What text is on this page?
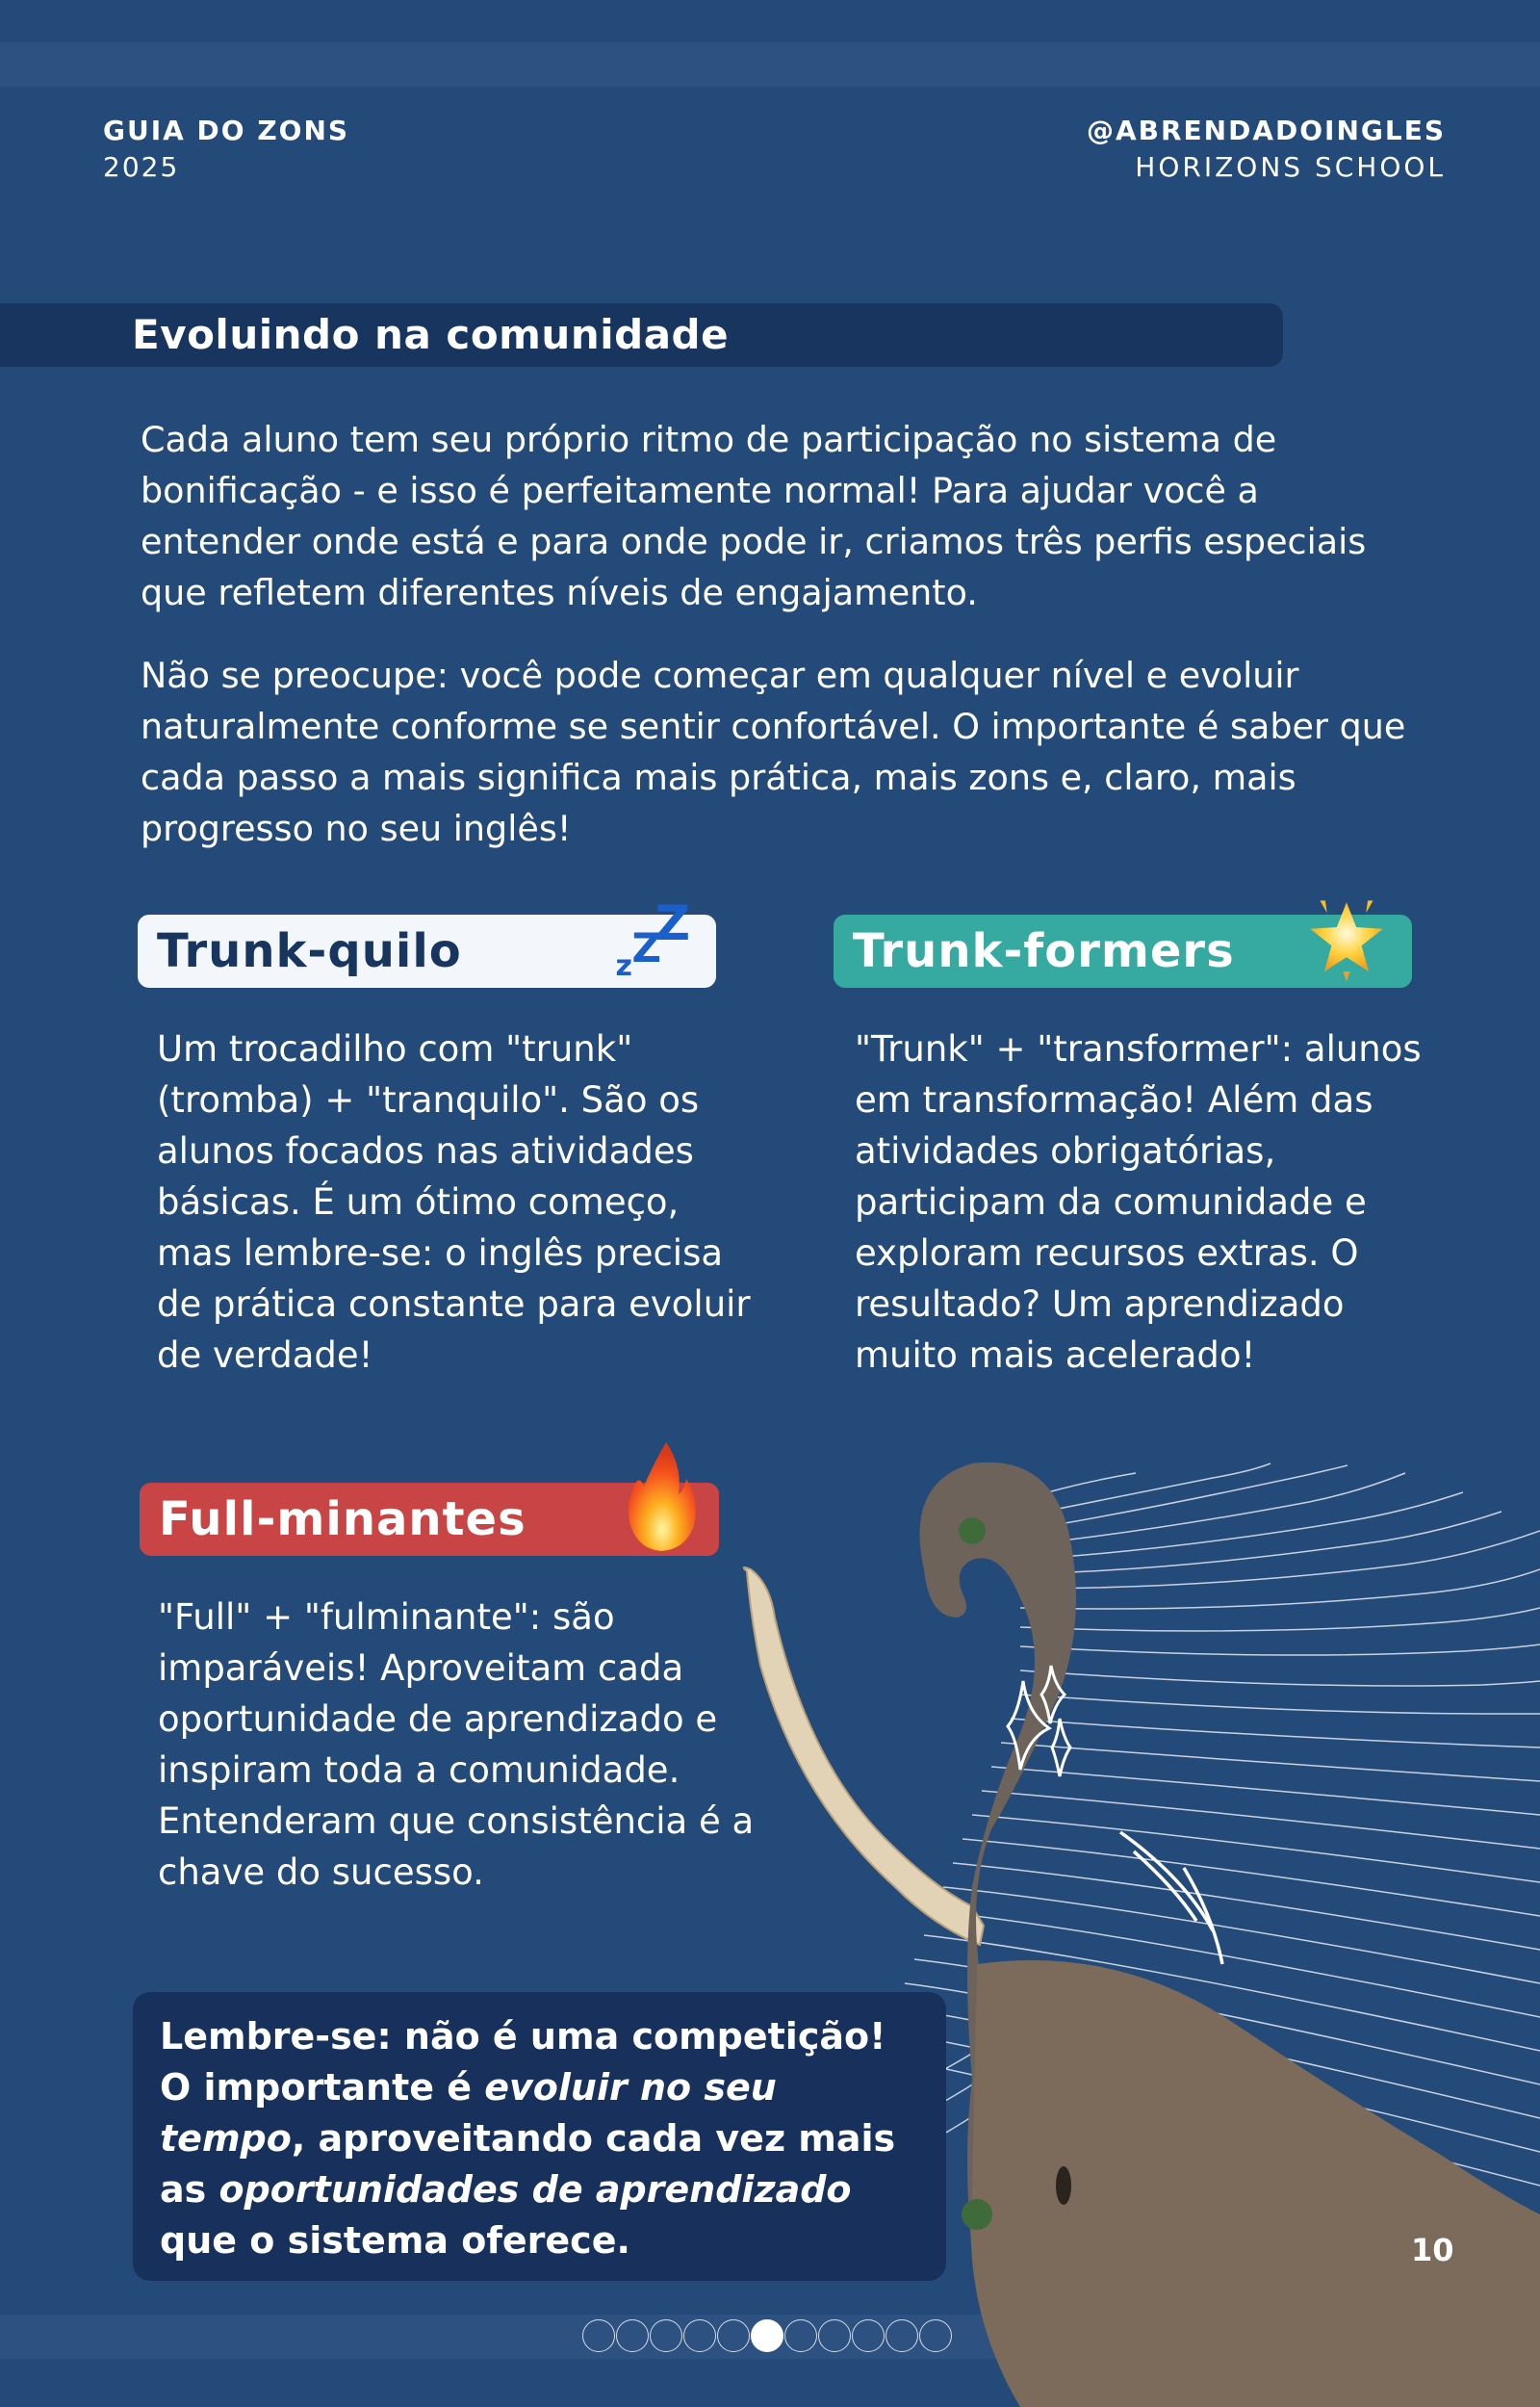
GUIA DO ZONS
2025
@ABRENDADOINGLES
HORIZONS SCHOOL
Evoluindo na comunidade

Cada aluno tem seu próprio ritmo de participação no sistema de bonificação - e isso é perfeitamente normal! Para ajudar você a entender onde está e para onde pode ir, criamos três perfis especiais que refletem diferentes níveis de engajamento.

Não se preocupe: você pode começar em qualquer nível e evoluir naturalmente conforme se sentir confortável. O importante é saber que cada passo a mais significa mais prática, mais zons e, claro, mais progresso no seu inglês!

Trunk-quilo	z
Z
Z

Um trocadilho com "trunk" (tromba) + "tranquilo". São os alunos focados nas atividades básicas. É um ótimo começo, mas lembre-se: o inglês precisa de prática constante para evoluir de verdade!

Trunk-formers

"Trunk" + "transformer": alunos em transformação! Além das atividades obrigatórias, participam da comunidade e exploram recursos extras. O resultado? Um aprendizado muito mais acelerado!

Full-minantes

"Full" + "fulminante": são imparáveis! Aproveitam cada oportunidade de aprendizado e inspiram toda a comunidade. Entenderam que consistência é a chave do sucesso.

Lembre-se: não é uma competição! O importante é evoluir no seu tempo, aproveitando cada vez mais as oportunidades de aprendizado que o sistema oferece.	10
